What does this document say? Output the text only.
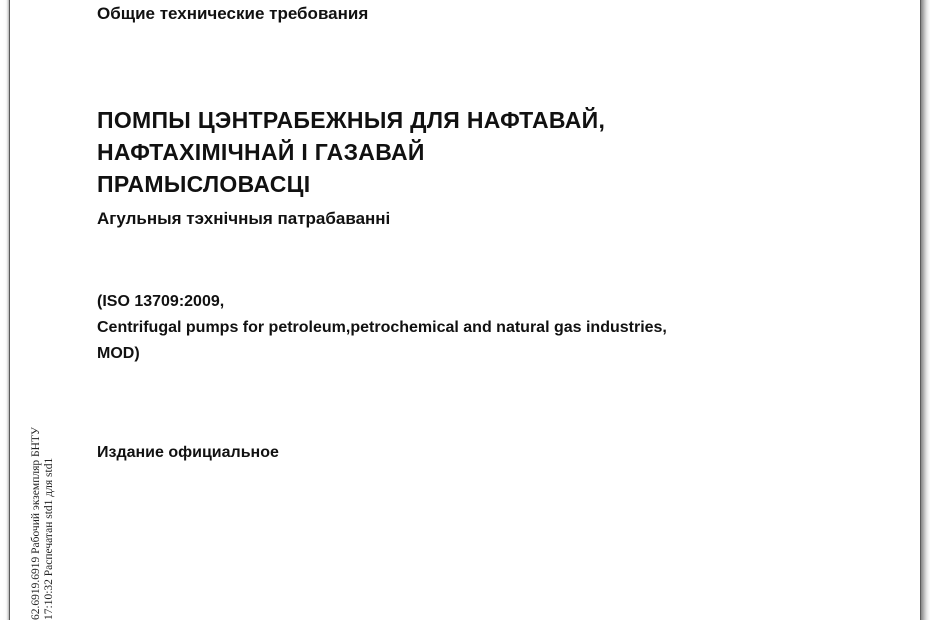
Общие технические требования
ПОМПЫ ЦЭНТРАБЕЖНЫЯ ДЛЯ НАФТАВАЙ,
НАФТАХІМІЧНАЙ І ГАЗАВАЙ
ПРАМЫСЛОВАСЦІ
Агульныя тэхнічныя патрабаванні
(ISO 13709:2009,
Centrifugal pumps for petroleum,petrochemical and natural gas industries,
MOD)
Издание официальное
62.6919.6919 Рабочий экземпляр БНТУ 17:10:32 Распечатан std1 для std1
